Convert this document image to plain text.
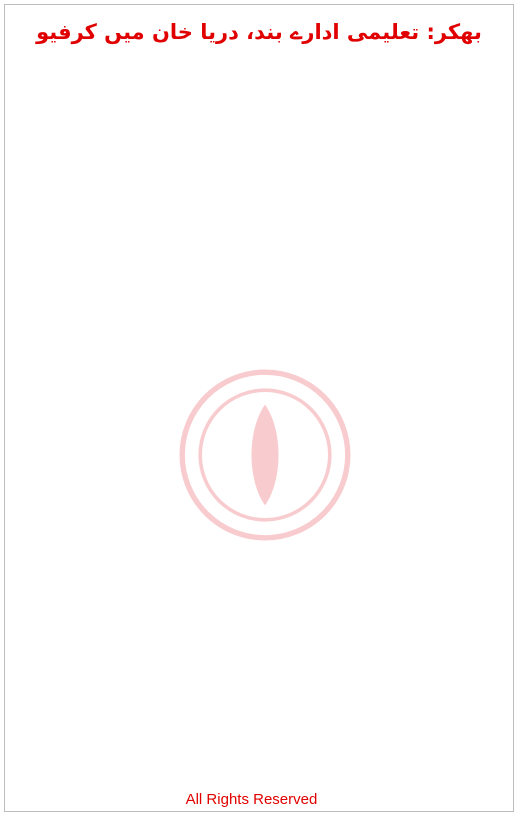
بھکر: تعلیمی ادارے بند، دریا خان میں کرفیو
All Rights Reserved
